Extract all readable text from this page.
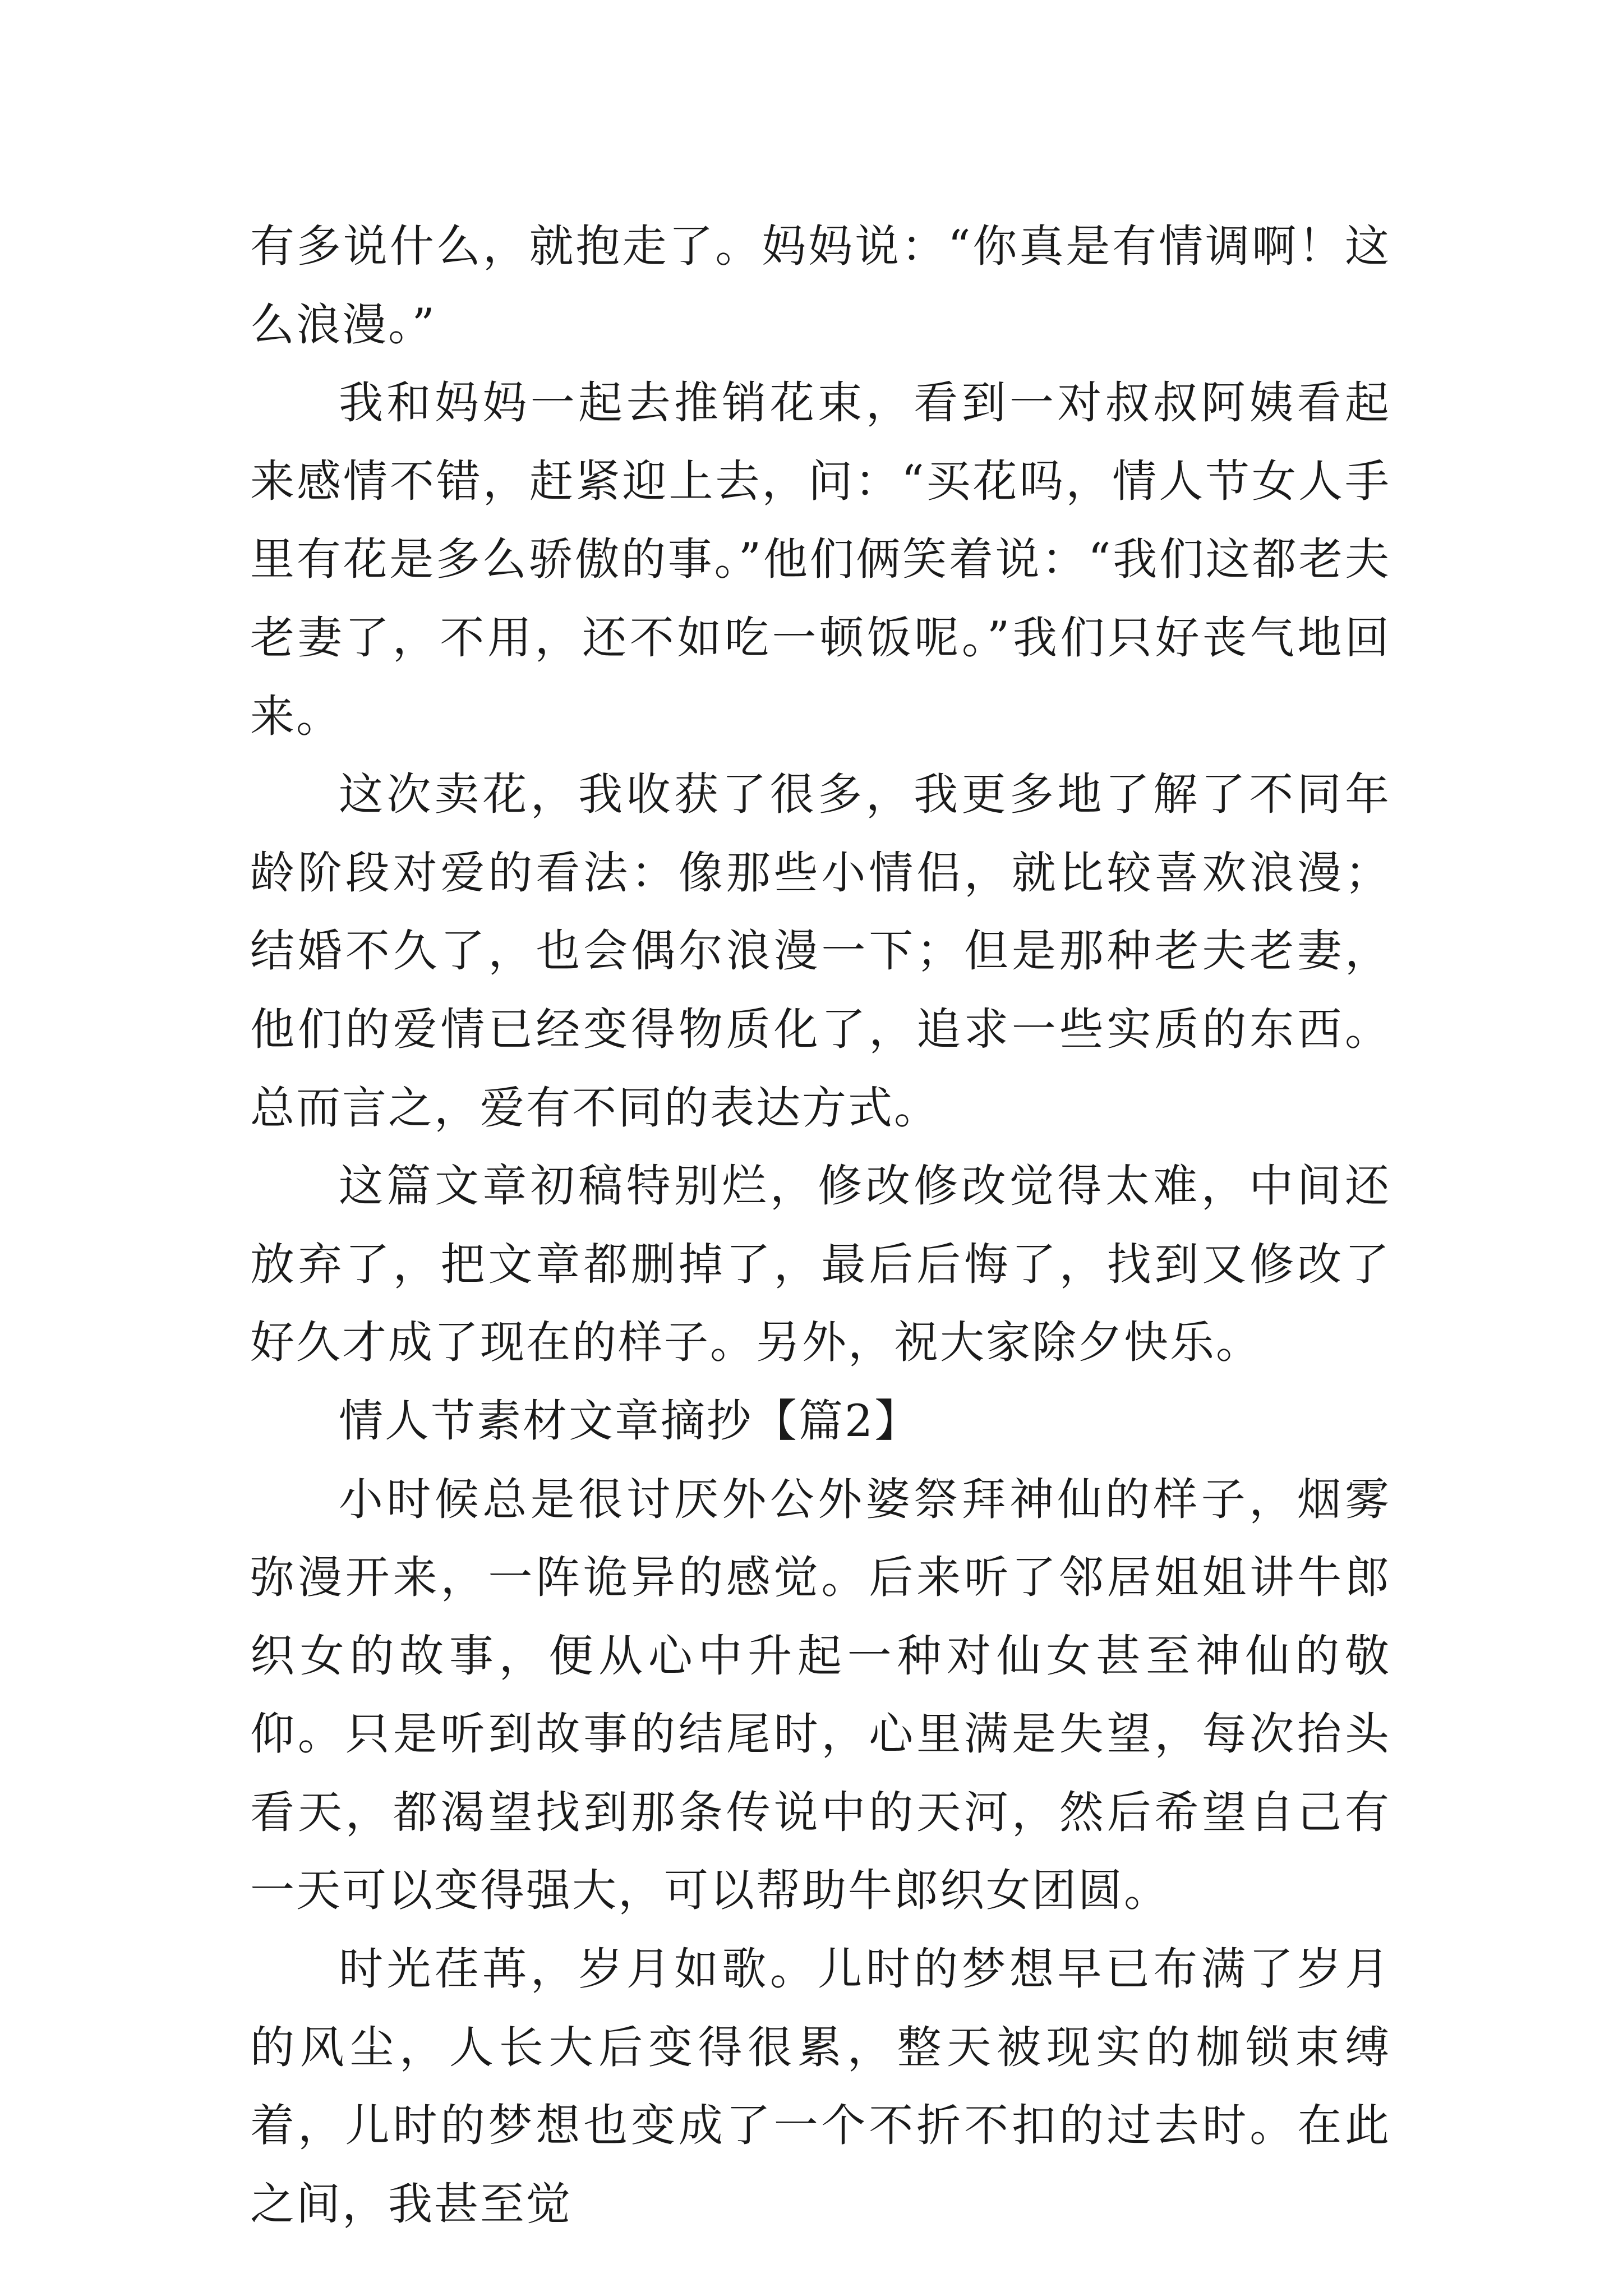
有多说什么，就抱走了。妈妈说：“你真是有情调啊！这么浪漫。”

我和妈妈一起去推销花束，看到一对叔叔阿姨看起来感情不错，赶紧迎上去，问：“买花吗，情人节女人手里有花是多么骄傲的事。”他们俩笑着说：“我们这都老夫老妻了，不用，还不如吃一顿饭呢。”我们只好丧气地回来。

这次卖花，我收获了很多，我更多地了解了不同年龄阶段对爱的看法：像那些小情侣，就比较喜欢浪漫；结婚不久了，也会偶尔浪漫一下；但是那种老夫老妻，他们的爱情已经变得物质化了，追求一些实质的东西。总而言之，爱有不同的表达方式。

这篇文章初稿特别烂，修改修改觉得太难，中间还放弃了，把文章都删掉了，最后后悔了，找到又修改了好久才成了现在的样子。另外，祝大家除夕快乐。

情人节素材文章摘抄【篇2】

小时候总是很讨厌外公外婆祭拜神仙的样子，烟雾弥漫开来，一阵诡异的感觉。后来听了邻居姐姐讲牛郎织女的故事，便从心中升起一种对仙女甚至神仙的敬仰。只是听到故事的结尾时，心里满是失望，每次抬头看天，都渴望找到那条传说中的天河，然后希望自己有一天可以变得强大，可以帮助牛郎织女团圆。

时光荏苒，岁月如歌。儿时的梦想早已布满了岁月的风尘，人长大后变得很累，整天被现实的枷锁束缚着，儿时的梦想也变成了一个不折不扣的过去时。在此之间，我甚至觉
